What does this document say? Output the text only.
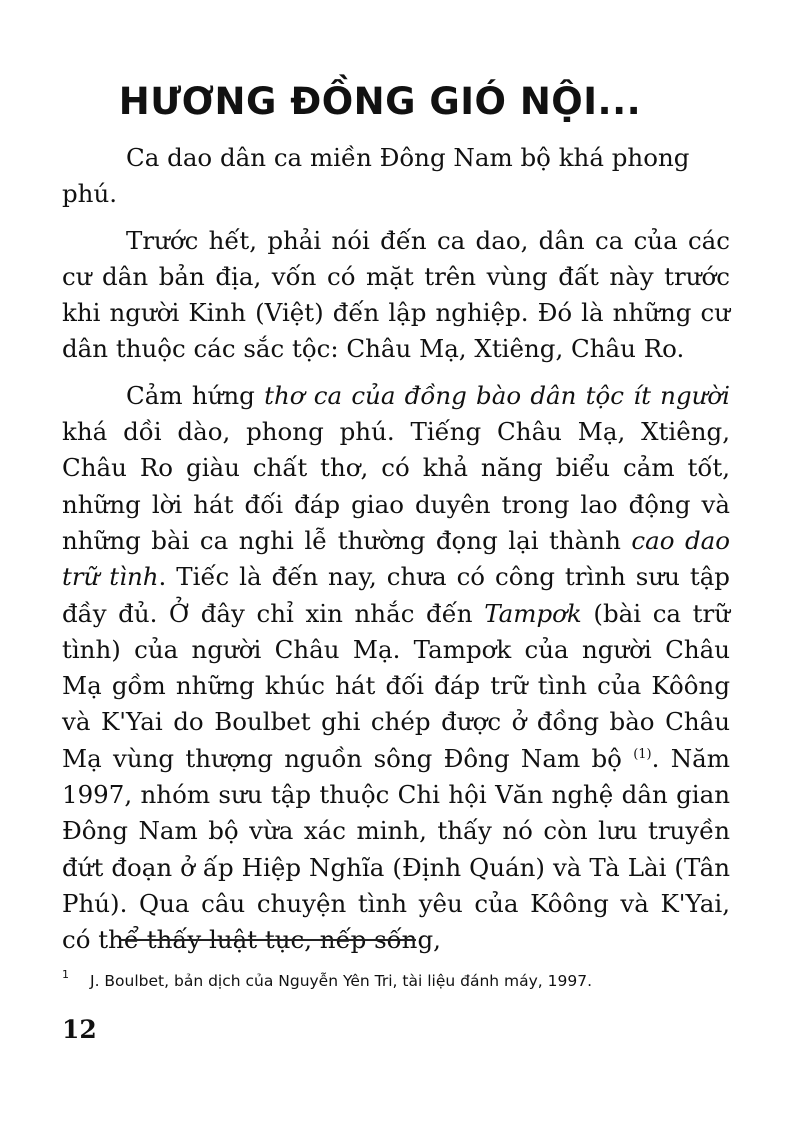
HƯƠNG ĐỒNG GIÓ NỘI...

Ca dao dân ca miền Đông Nam bộ khá phong phú.

Trước hết, phải nói đến ca dao, dân ca của các cư dân bản địa, vốn có mặt trên vùng đất này trước khi người Kinh (Việt) đến lập nghiệp. Đó là những cư dân thuộc các sắc tộc: Châu Mạ, Xtiêng, Châu Ro.

Cảm hứng thơ ca của đồng bào dân tộc ít người khá dồi dào, phong phú. Tiếng Châu Mạ, Xtiêng, Châu Ro giàu chất thơ, có khả năng biểu cảm tốt, những lời hát đối đáp giao duyên trong lao động và những bài ca nghi lễ thường đọng lại thành cao dao trữ tình. Tiếc là đến nay, chưa có công trình sưu tập đầy đủ. Ở đây chỉ xin nhắc đến Tampơk (bài ca trữ tình) của người Châu Mạ. Tampơk của người Châu Mạ gồm những khúc hát đối đáp trữ tình của Kôông và K'Yai do Boulbet ghi chép được ở đồng bào Châu Mạ vùng thượng nguồn sông Đông Nam bộ $^{(1)}$. Năm 1997, nhóm sưu tập thuộc Chi hội Văn nghệ dân gian Đông Nam bộ vừa xác minh, thấy nó còn lưu truyền đứt đoạn ở ấp Hiệp Nghĩa (Định Quán) và Tà Lài (Tân Phú). Qua câu chuyện tình yêu của Kôông và K'Yai, có thể thấy luật tục, nếp sống,

1 J. Boulbet, bản dịch của Nguyễn Yên Tri, tài liệu đánh máy, 1997.
12
